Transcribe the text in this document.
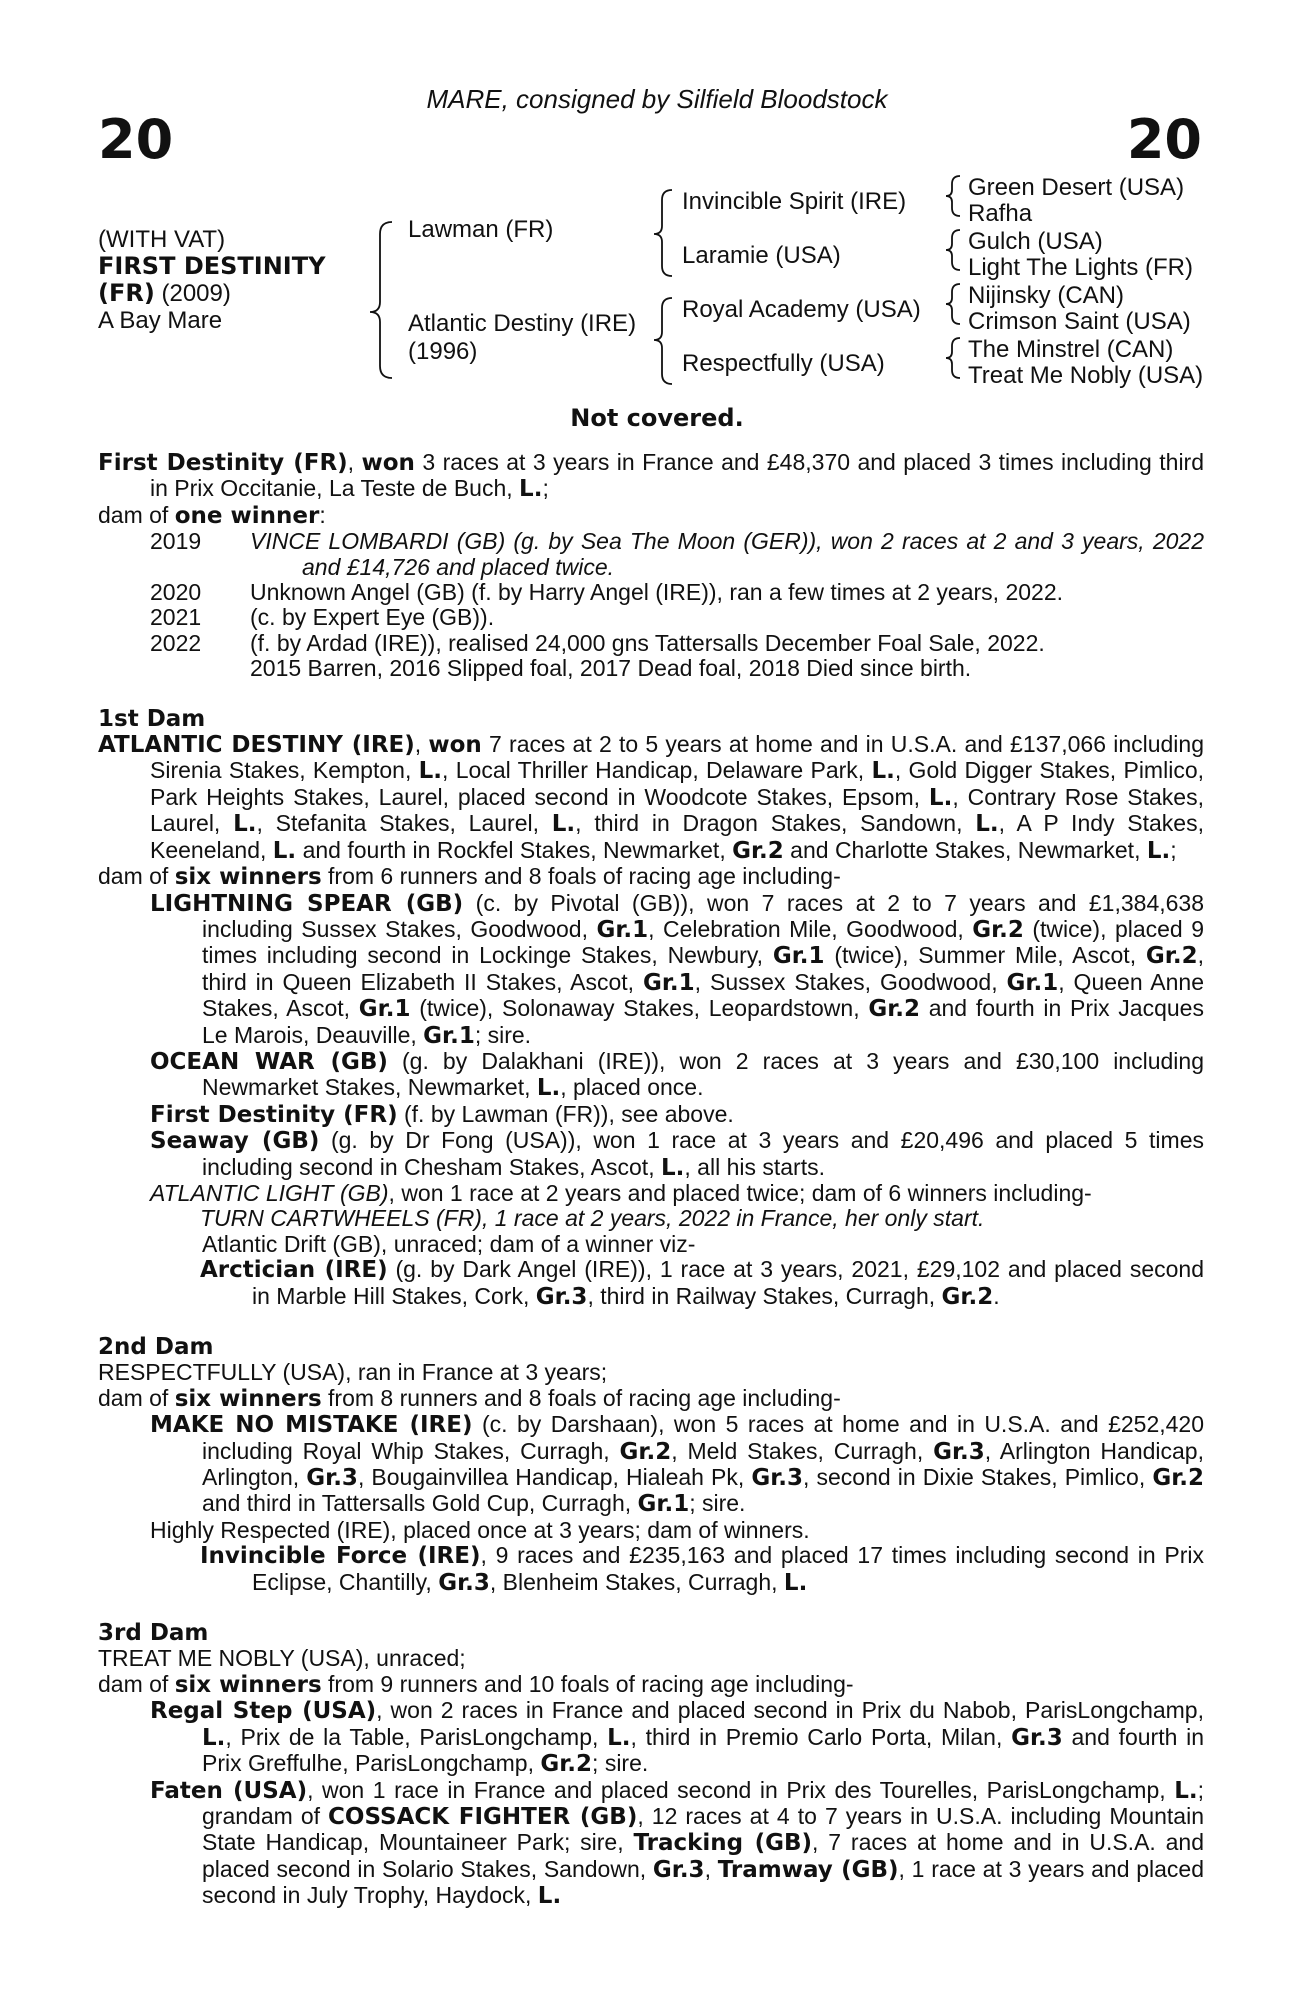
MARE, consigned by Silfield Bloodstock
20	20
(WITH VAT)
FIRST DESTINITY
(FR) (2009)
A Bay Mare
Lawman (FR)
Atlantic Destiny (IRE)
(1996)
Invincible Spirit (IRE)
Laramie (USA)
Royal Academy (USA)
Respectfully (USA)
Green Desert (USA)
Rafha
Gulch (USA)
Light The Lights (FR)
Nijinsky (CAN)
Crimson Saint (USA)
The Minstrel (CAN)
Treat Me Nobly (USA)
Not covered.

First Destinity (FR), won 3 races at 3 years in France and £48,370 and placed 3 times including third in Prix Occitanie, La Teste de Buch, L.;

dam of one winner:

2019	VINCE LOMBARDI (GB) (g. by Sea The Moon (GER)), won 2 races at 2 and 3 years, 2022 and £14,726 and placed twice.
2020	Unknown Angel (GB) (f. by Harry Angel (IRE)), ran a few times at 2 years, 2022.
2021	(c. by Expert Eye (GB)).
2022	(f. by Ardad (IRE)), realised 24,000 gns Tattersalls December Foal Sale, 2022.
2015 Barren, 2016 Slipped foal, 2017 Dead foal, 2018 Died since birth.
1st Dam

ATLANTIC DESTINY (IRE), won 7 races at 2 to 5 years at home and in U.S.A. and £137,066 including Sirenia Stakes, Kempton, L., Local Thriller Handicap, Delaware Park, L., Gold Digger Stakes, Pimlico, Park Heights Stakes, Laurel, placed second in Woodcote Stakes, Epsom, L., Contrary Rose Stakes, Laurel, L., Stefanita Stakes, Laurel, L., third in Dragon Stakes, Sandown, L., A P Indy Stakes, Keeneland, L. and fourth in Rockfel Stakes, Newmarket, Gr.2 and Charlotte Stakes, Newmarket, L.;

dam of six winners from 6 runners and 8 foals of racing age including-

LIGHTNING SPEAR (GB) (c. by Pivotal (GB)), won 7 races at 2 to 7 years and £1,384,638 including Sussex Stakes, Goodwood, Gr.1, Celebration Mile, Goodwood, Gr.2 (twice), placed 9 times including second in Lockinge Stakes, Newbury, Gr.1 (twice), Summer Mile, Ascot, Gr.2, third in Queen Elizabeth II Stakes, Ascot, Gr.1, Sussex Stakes, Goodwood, Gr.1, Queen Anne Stakes, Ascot, Gr.1 (twice), Solonaway Stakes, Leopardstown, Gr.2 and fourth in Prix Jacques Le Marois, Deauville, Gr.1; sire.

OCEAN WAR (GB) (g. by Dalakhani (IRE)), won 2 races at 3 years and £30,100 including Newmarket Stakes, Newmarket, L., placed once.

First Destinity (FR) (f. by Lawman (FR)), see above.

Seaway (GB) (g. by Dr Fong (USA)), won 1 race at 3 years and £20,496 and placed 5 times including second in Chesham Stakes, Ascot, L., all his starts.

ATLANTIC LIGHT (GB), won 1 race at 2 years and placed twice; dam of 6 winners including-

TURN CARTWHEELS (FR), 1 race at 2 years, 2022 in France, her only start.

Atlantic Drift (GB), unraced; dam of a winner viz-

Arctician (IRE) (g. by Dark Angel (IRE)), 1 race at 3 years, 2021, £29,102 and placed second in Marble Hill Stakes, Cork, Gr.3, third in Railway Stakes, Curragh, Gr.2.

2nd Dam

RESPECTFULLY (USA), ran in France at 3 years;

dam of six winners from 8 runners and 8 foals of racing age including-

MAKE NO MISTAKE (IRE) (c. by Darshaan), won 5 races at home and in U.S.A. and £252,420 including Royal Whip Stakes, Curragh, Gr.2, Meld Stakes, Curragh, Gr.3, Arlington Handicap, Arlington, Gr.3, Bougainvillea Handicap, Hialeah Pk, Gr.3, second in Dixie Stakes, Pimlico, Gr.2 and third in Tattersalls Gold Cup, Curragh, Gr.1; sire.

Highly Respected (IRE), placed once at 3 years; dam of winners.

Invincible Force (IRE), 9 races and £235,163 and placed 17 times including second in Prix Eclipse, Chantilly, Gr.3, Blenheim Stakes, Curragh, L.

3rd Dam

TREAT ME NOBLY (USA), unraced;

dam of six winners from 9 runners and 10 foals of racing age including-

Regal Step (USA), won 2 races in France and placed second in Prix du Nabob, ParisLongchamp, L., Prix de la Table, ParisLongchamp, L., third in Premio Carlo Porta, Milan, Gr.3 and fourth in Prix Greffulhe, ParisLongchamp, Gr.2; sire.

Faten (USA), won 1 race in France and placed second in Prix des Tourelles, ParisLongchamp, L.; grandam of COSSACK FIGHTER (GB), 12 races at 4 to 7 years in U.S.A. including Mountain State Handicap, Mountaineer Park; sire, Tracking (GB), 7 races at home and in U.S.A. and placed second in Solario Stakes, Sandown, Gr.3, Tramway (GB), 1 race at 3 years and placed second in July Trophy, Haydock, L.
